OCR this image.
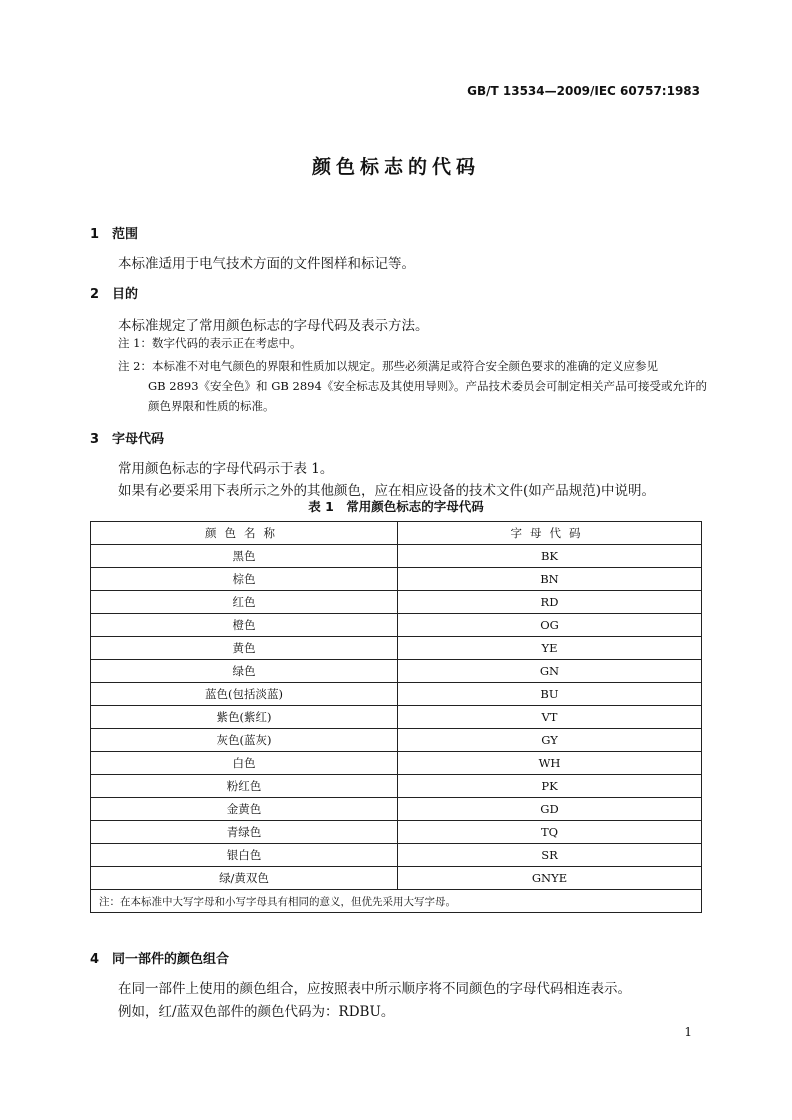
GB/T 13534—2009/IEC 60757:1983
颜色标志的代码
1 范围
本标准适用于电气技术方面的文件图样和标记等。
2 目的
本标准规定了常用颜色标志的字母代码及表示方法。
注 1：数字代码的表示正在考虑中。
注 2：本标准不对电气颜色的界限和性质加以规定。那些必须满足或符合安全颜色要求的准确的定义应参见
GB 2893《安全色》和 GB 2894《安全标志及其使用导则》。产品技术委员会可制定相关产品可接受或允许的
颜色界限和性质的标准。
3 字母代码
常用颜色标志的字母代码示于表 1。
如果有必要采用下表所示之外的其他颜色，应在相应设备的技术文件(如产品规范)中说明。
表 1　常用颜色标志的字母代码
颜色名称	字母代码
黑色	BK
棕色	BN
红色	RD
橙色	OG
黄色	YE
绿色	GN
蓝色(包括淡蓝)	BU
紫色(紫红)	VT
灰色(蓝灰)	GY
白色	WH
粉红色	PK
金黄色	GD
青绿色	TQ
银白色	SR
绿/黄双色	GNYE
注：在本标准中大写字母和小写字母具有相同的意义，但优先采用大写字母。	
4 同一部件的颜色组合
在同一部件上使用的颜色组合，应按照表中所示顺序将不同颜色的字母代码相连表示。
例如，红/蓝双色部件的颜色代码为：RDBU。
1
